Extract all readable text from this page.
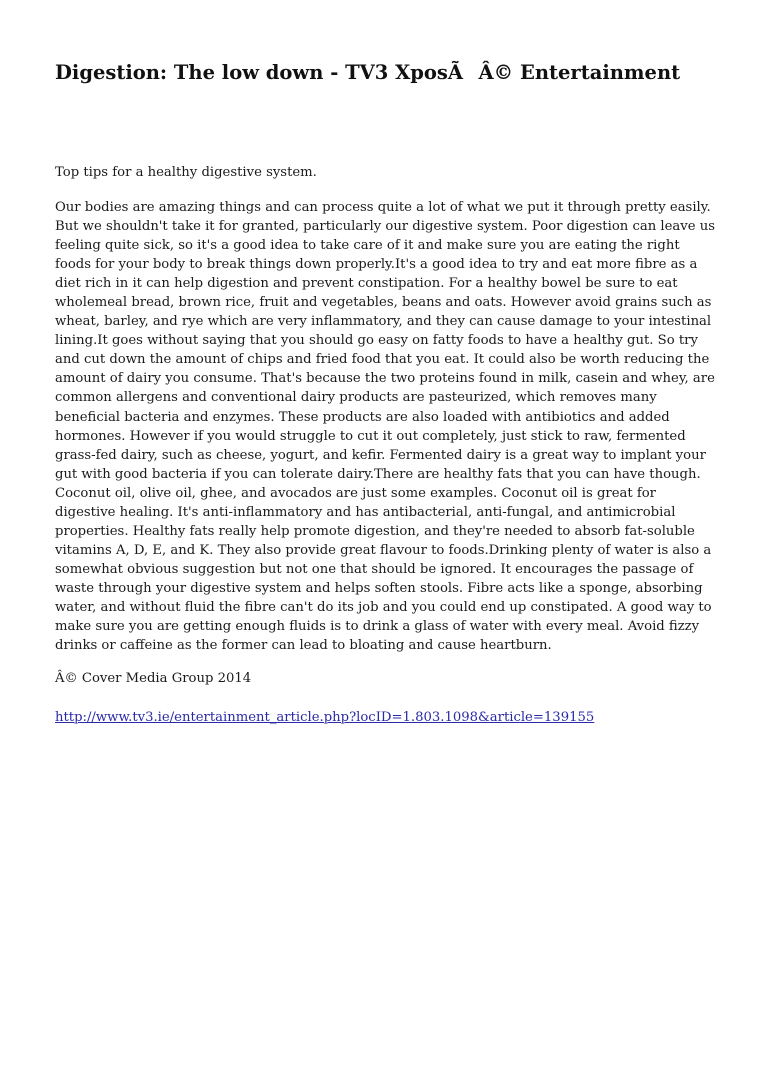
Digestion: The low down - TV3 XposÃÂ© Entertainment

Top tips for a healthy digestive system.

Our bodies are amazing things and can process quite a lot of what we put it through pretty easily. But we shouldn't take it for granted, particularly our digestive system. Poor digestion can leave us feeling quite sick, so it's a good idea to take care of it and make sure you are eating the right foods for your body to break things down properly.It's a good idea to try and eat more fibre as a diet rich in it can help digestion and prevent constipation. For a healthy bowel be sure to eat wholemeal bread, brown rice, fruit and vegetables, beans and oats. However avoid grains such as wheat, barley, and rye which are very inflammatory, and they can cause damage to your intestinal lining.It goes without saying that you should go easy on fatty foods to have a healthy gut. So try and cut down the amount of chips and fried food that you eat. It could also be worth reducing the amount of dairy you consume. That's because the two proteins found in milk, casein and whey, are common allergens and conventional dairy products are pasteurized, which removes many beneficial bacteria and enzymes. These products are also loaded with antibiotics and added hormones. However if you would struggle to cut it out completely, just stick to raw, fermented grass-fed dairy, such as cheese, yogurt, and kefir. Fermented dairy is a great way to implant your gut with good bacteria if you can tolerate dairy.There are healthy fats that you can have though. Coconut oil, olive oil, ghee, and avocados are just some examples. Coconut oil is great for digestive healing. It's anti-inflammatory and has antibacterial, anti-fungal, and antimicrobial properties. Healthy fats really help promote digestion, and they're needed to absorb fat-soluble vitamins A, D, E, and K. They also provide great flavour to foods.Drinking plenty of water is also a somewhat obvious suggestion but not one that should be ignored. It encourages the passage of waste through your digestive system and helps soften stools. Fibre acts like a sponge, absorbing water, and without fluid the fibre can't do its job and you could end up constipated. A good way to make sure you are getting enough fluids is to drink a glass of water with every meal. Avoid fizzy drinks or caffeine as the former can lead to bloating and cause heartburn.

Â© Cover Media Group 2014

http://www.tv3.ie/entertainment_article.php?locID=1.803.1098&article=139155
